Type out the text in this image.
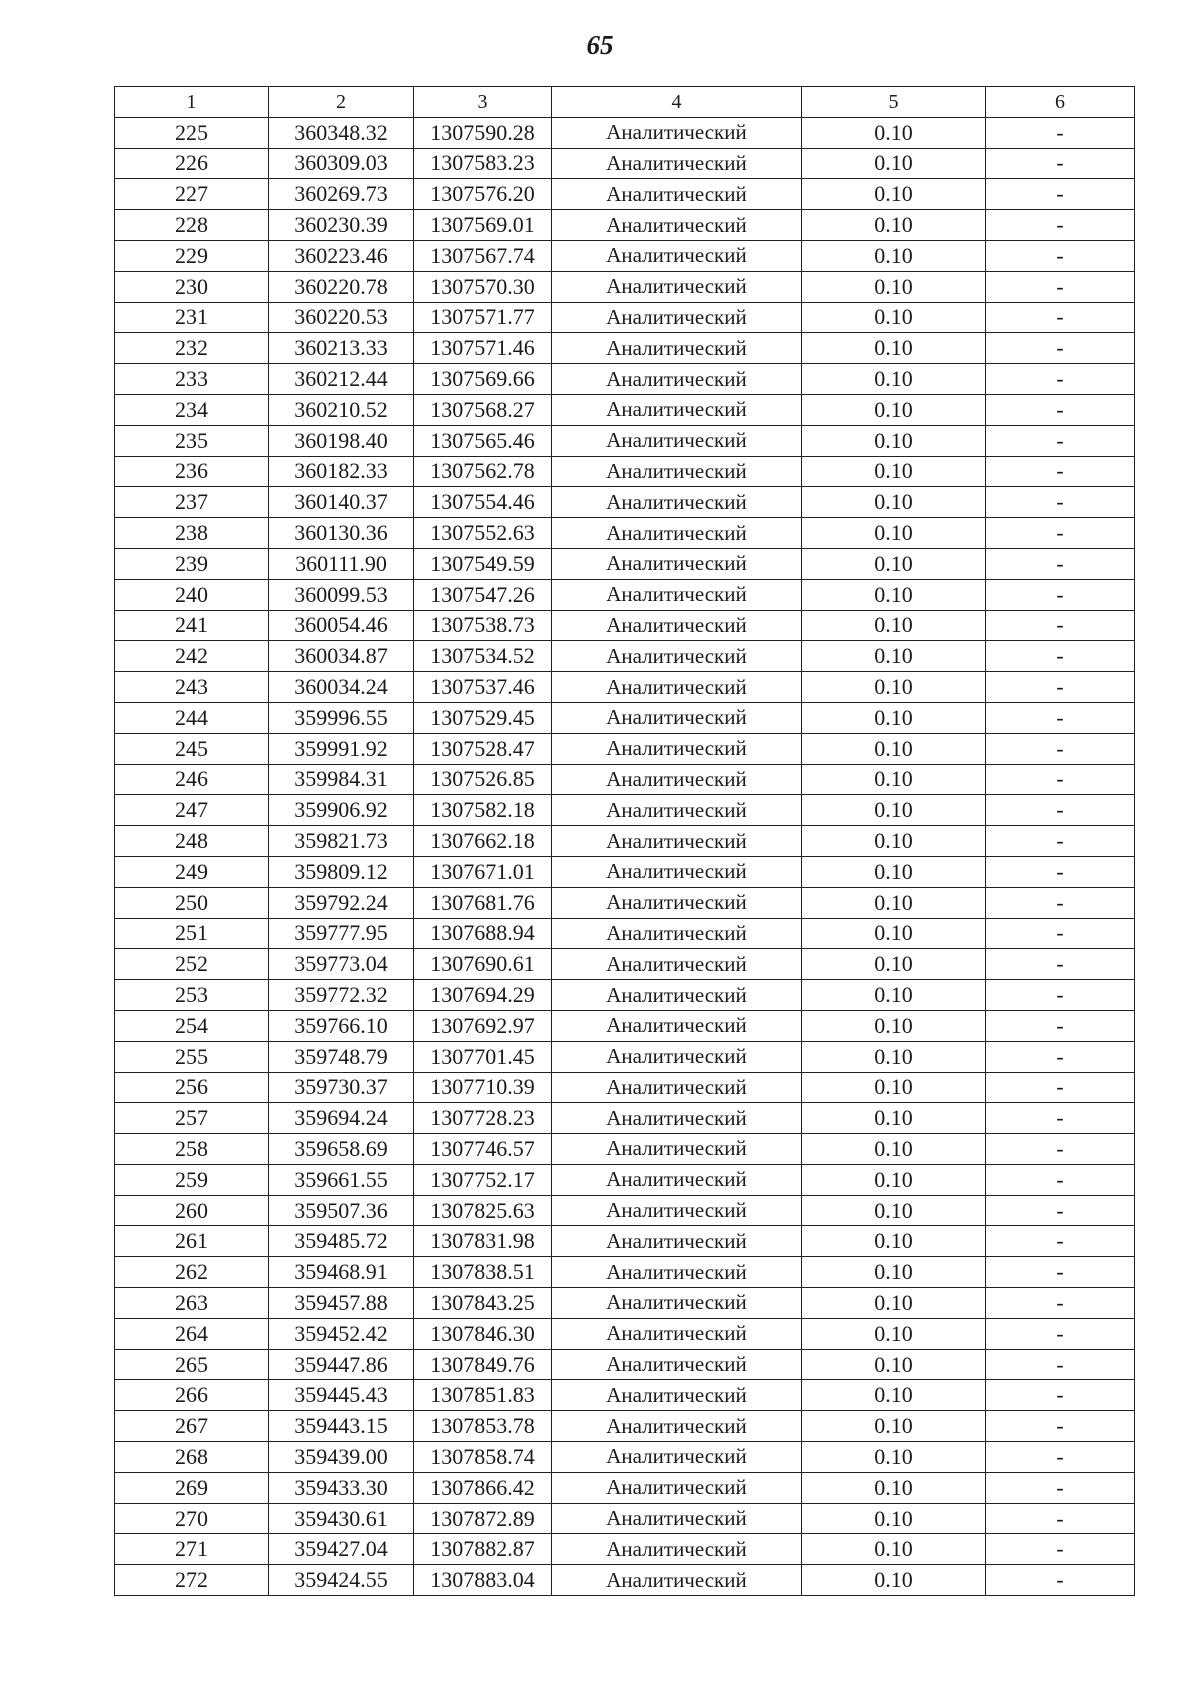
65
1	2	3	4	5	6
225	360348.32	1307590.28	Аналитический	0.10	-
226	360309.03	1307583.23	Аналитический	0.10	-
227	360269.73	1307576.20	Аналитический	0.10	-
228	360230.39	1307569.01	Аналитический	0.10	-
229	360223.46	1307567.74	Аналитический	0.10	-
230	360220.78	1307570.30	Аналитический	0.10	-
231	360220.53	1307571.77	Аналитический	0.10	-
232	360213.33	1307571.46	Аналитический	0.10	-
233	360212.44	1307569.66	Аналитический	0.10	-
234	360210.52	1307568.27	Аналитический	0.10	-
235	360198.40	1307565.46	Аналитический	0.10	-
236	360182.33	1307562.78	Аналитический	0.10	-
237	360140.37	1307554.46	Аналитический	0.10	-
238	360130.36	1307552.63	Аналитический	0.10	-
239	360111.90	1307549.59	Аналитический	0.10	-
240	360099.53	1307547.26	Аналитический	0.10	-
241	360054.46	1307538.73	Аналитический	0.10	-
242	360034.87	1307534.52	Аналитический	0.10	-
243	360034.24	1307537.46	Аналитический	0.10	-
244	359996.55	1307529.45	Аналитический	0.10	-
245	359991.92	1307528.47	Аналитический	0.10	-
246	359984.31	1307526.85	Аналитический	0.10	-
247	359906.92	1307582.18	Аналитический	0.10	-
248	359821.73	1307662.18	Аналитический	0.10	-
249	359809.12	1307671.01	Аналитический	0.10	-
250	359792.24	1307681.76	Аналитический	0.10	-
251	359777.95	1307688.94	Аналитический	0.10	-
252	359773.04	1307690.61	Аналитический	0.10	-
253	359772.32	1307694.29	Аналитический	0.10	-
254	359766.10	1307692.97	Аналитический	0.10	-
255	359748.79	1307701.45	Аналитический	0.10	-
256	359730.37	1307710.39	Аналитический	0.10	-
257	359694.24	1307728.23	Аналитический	0.10	-
258	359658.69	1307746.57	Аналитический	0.10	-
259	359661.55	1307752.17	Аналитический	0.10	-
260	359507.36	1307825.63	Аналитический	0.10	-
261	359485.72	1307831.98	Аналитический	0.10	-
262	359468.91	1307838.51	Аналитический	0.10	-
263	359457.88	1307843.25	Аналитический	0.10	-
264	359452.42	1307846.30	Аналитический	0.10	-
265	359447.86	1307849.76	Аналитический	0.10	-
266	359445.43	1307851.83	Аналитический	0.10	-
267	359443.15	1307853.78	Аналитический	0.10	-
268	359439.00	1307858.74	Аналитический	0.10	-
269	359433.30	1307866.42	Аналитический	0.10	-
270	359430.61	1307872.89	Аналитический	0.10	-
271	359427.04	1307882.87	Аналитический	0.10	-
272	359424.55	1307883.04	Аналитический	0.10	-
